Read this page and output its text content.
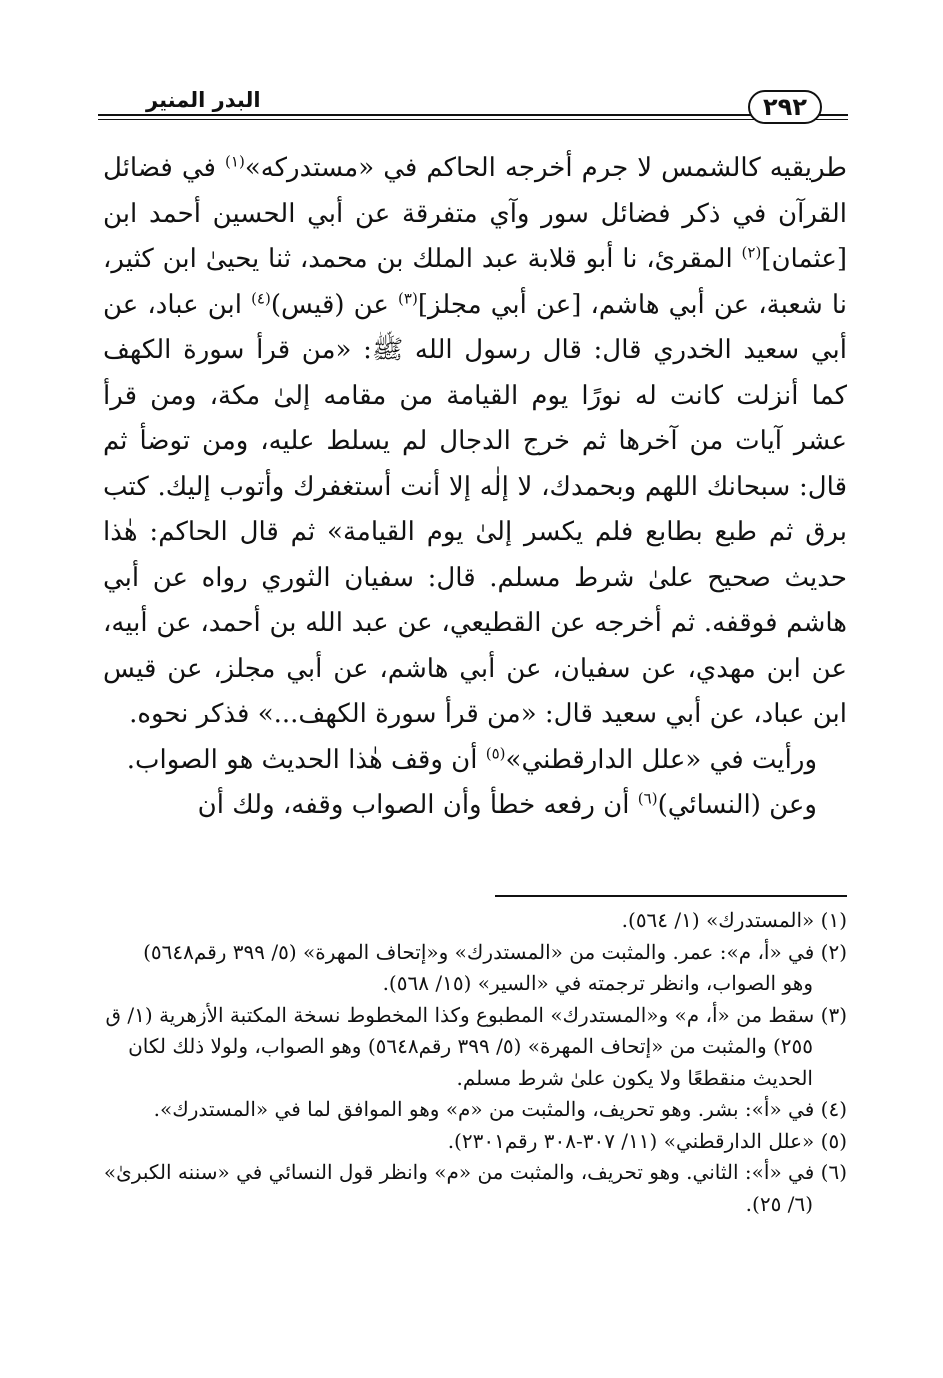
٢٩٢
البدر المنير

طريقيه كالشمس لا جرم أخرجه الحاكم في «مستدركه»$^{(١)}$ في فضائل القرآن في ذكر فضائل سور وآي متفرقة عن أبي الحسين أحمد ابن [عثمان]$^{(٢)}$ المقرئ، نا أبو قلابة عبد الملك بن محمد، ثنا يحيىٰ ابن كثير، نا شعبة، عن أبي هاشم، [عن أبي مجلز]$^{(٣)}$ عن (قيس)$^{(٤)}$ ابن عباد، عن أبي سعيد الخدري قال: قال رسول الله ﷺ: «من قرأ سورة الكهف كما أنزلت كانت له نورًا يوم القيامة من مقامه إلىٰ مكة، ومن قرأ عشر آيات من آخرها ثم خرج الدجال لم يسلط عليه، ومن توضأ ثم قال: سبحانك اللهم وبحمدك، لا إلٰه إلا أنت أستغفرك وأتوب إليك. كتب برق ثم طبع بطابع فلم يكسر إلىٰ يوم القيامة» ثم قال الحاكم: هٰذا حديث صحيح علىٰ شرط مسلم. قال: سفيان الثوري رواه عن أبي هاشم فوقفه. ثم أخرجه عن القطيعي، عن عبد الله بن أحمد، عن أبيه، عن ابن مهدي، عن سفيان، عن أبي هاشم، عن أبي مجلز، عن قيس ابن عباد، عن أبي سعيد قال: «من قرأ سورة الكهف...» فذكر نحوه.

ورأيت في «علل الدارقطني»$^{(٥)}$ أن وقف هٰذا الحديث هو الصواب.

وعن (النسائي)$^{(٦)}$ أن رفعه خطأ وأن الصواب وقفه، ولك أن

(١) «المستدرك» (١/ ٥٦٤).

(٢) في «أ، م»: عمر. والمثبت من «المستدرك» و«إتحاف المهرة» (٥/ ٣٩٩ رقم٥٦٤٨)
وهو الصواب، وانظر ترجمته في «السير» (١٥/ ٥٦٨).

(٣) سقط من «أ، م» و«المستدرك» المطبوع وكذا المخطوط نسخة المكتبة الأزهرية (١/ ق
٢٥٥) والمثبت من «إتحاف المهرة» (٥/ ٣٩٩ رقم٥٦٤٨) وهو الصواب، ولولا ذلك لكان الحديث منقطعًا ولا يكون علىٰ شرط مسلم.

(٤) في «أ»: بشر. وهو تحريف، والمثبت من «م» وهو الموافق لما في «المستدرك».

(٥) «علل الدارقطني» (١١/ ٣٠٧-٣٠٨ رقم٢٣٠١).

(٦) في «أ»: الثاني. وهو تحريف، والمثبت من «م» وانظر قول النسائي في «سننه الكبرىٰ»
(٦/ ٢٥).
